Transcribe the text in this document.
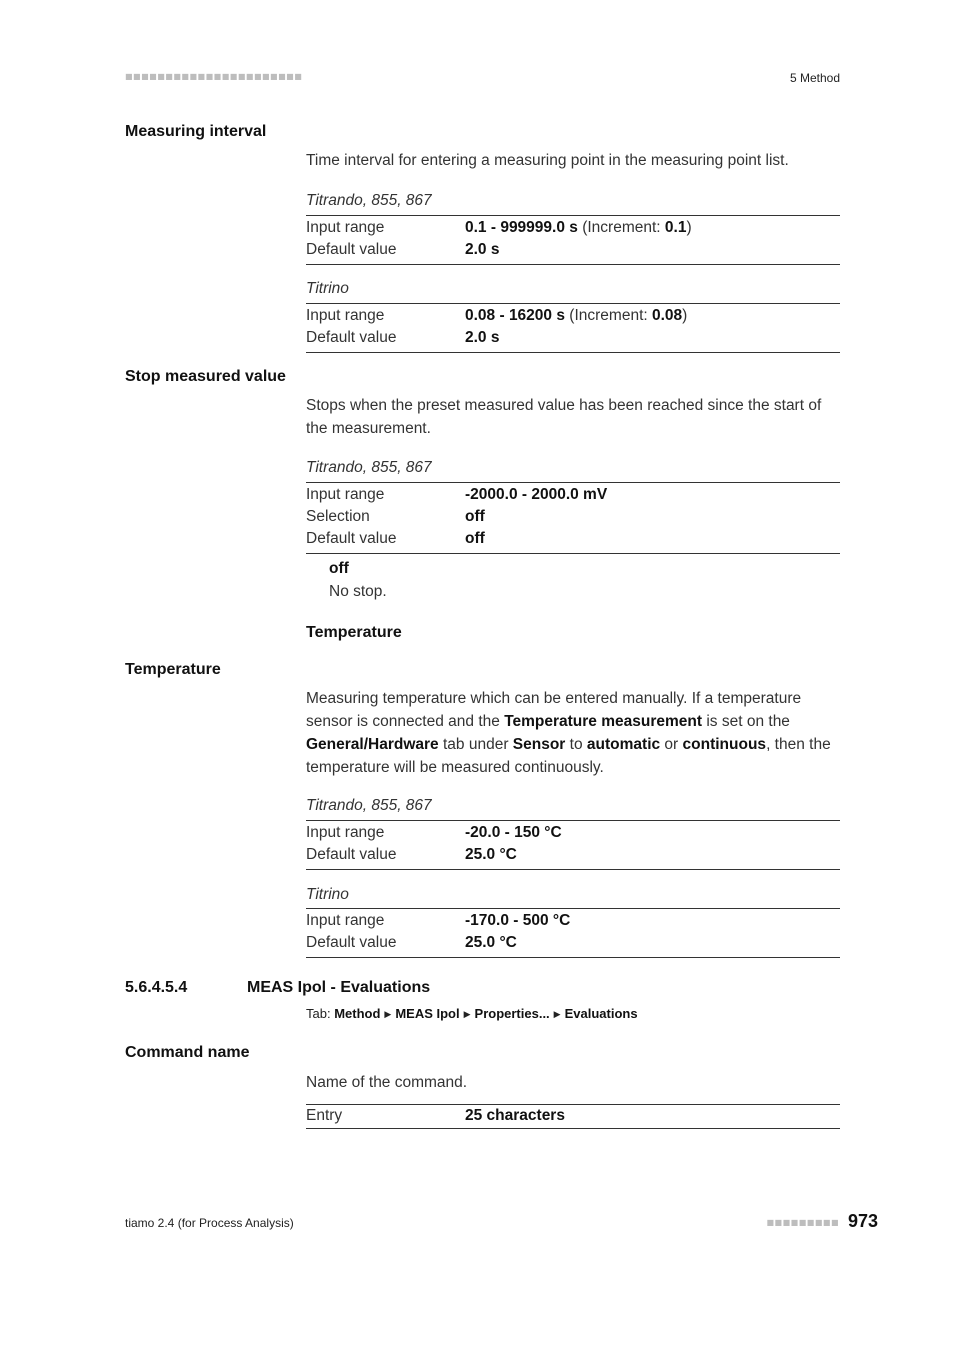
■■■■■■■■■■■■■■■■■■■■■■	5 Method
Measuring interval
Time interval for entering a measuring point in the measuring point list.
Titrando, 855, 867
Input range	0.1 - 999999.0 s (Increment: 0.1)
Default value	2.0 s
Titrino
Input range	0.08 - 16200 s (Increment: 0.08)
Default value	2.0 s
Stop measured value
Stops when the preset measured value has been reached since the start of the measurement.
Titrando, 855, 867
Input range	-2000.0 - 2000.0 mV
Selection	off
Default value	off
off
No stop.
Temperature
Temperature
Measuring temperature which can be entered manually. If a temperature sensor is connected and the Temperature measurement is set on the General/Hardware tab under Sensor to automatic or continuous, then the temperature will be measured continuously.
Titrando, 855, 867
Input range	-20.0 - 150 °C
Default value	25.0 °C
Titrino
Input range	-170.0 - 500 °C
Default value	25.0 °C
5.6.4.5.4	MEAS Ipol - Evaluations
Tab: Method ▶ MEAS Ipol ▶ Properties... ▶ Evaluations
Command name
Name of the command.
Entry	25 characters
tiamo 2.4 (for Process Analysis)	■■■■■■■■■ 973
